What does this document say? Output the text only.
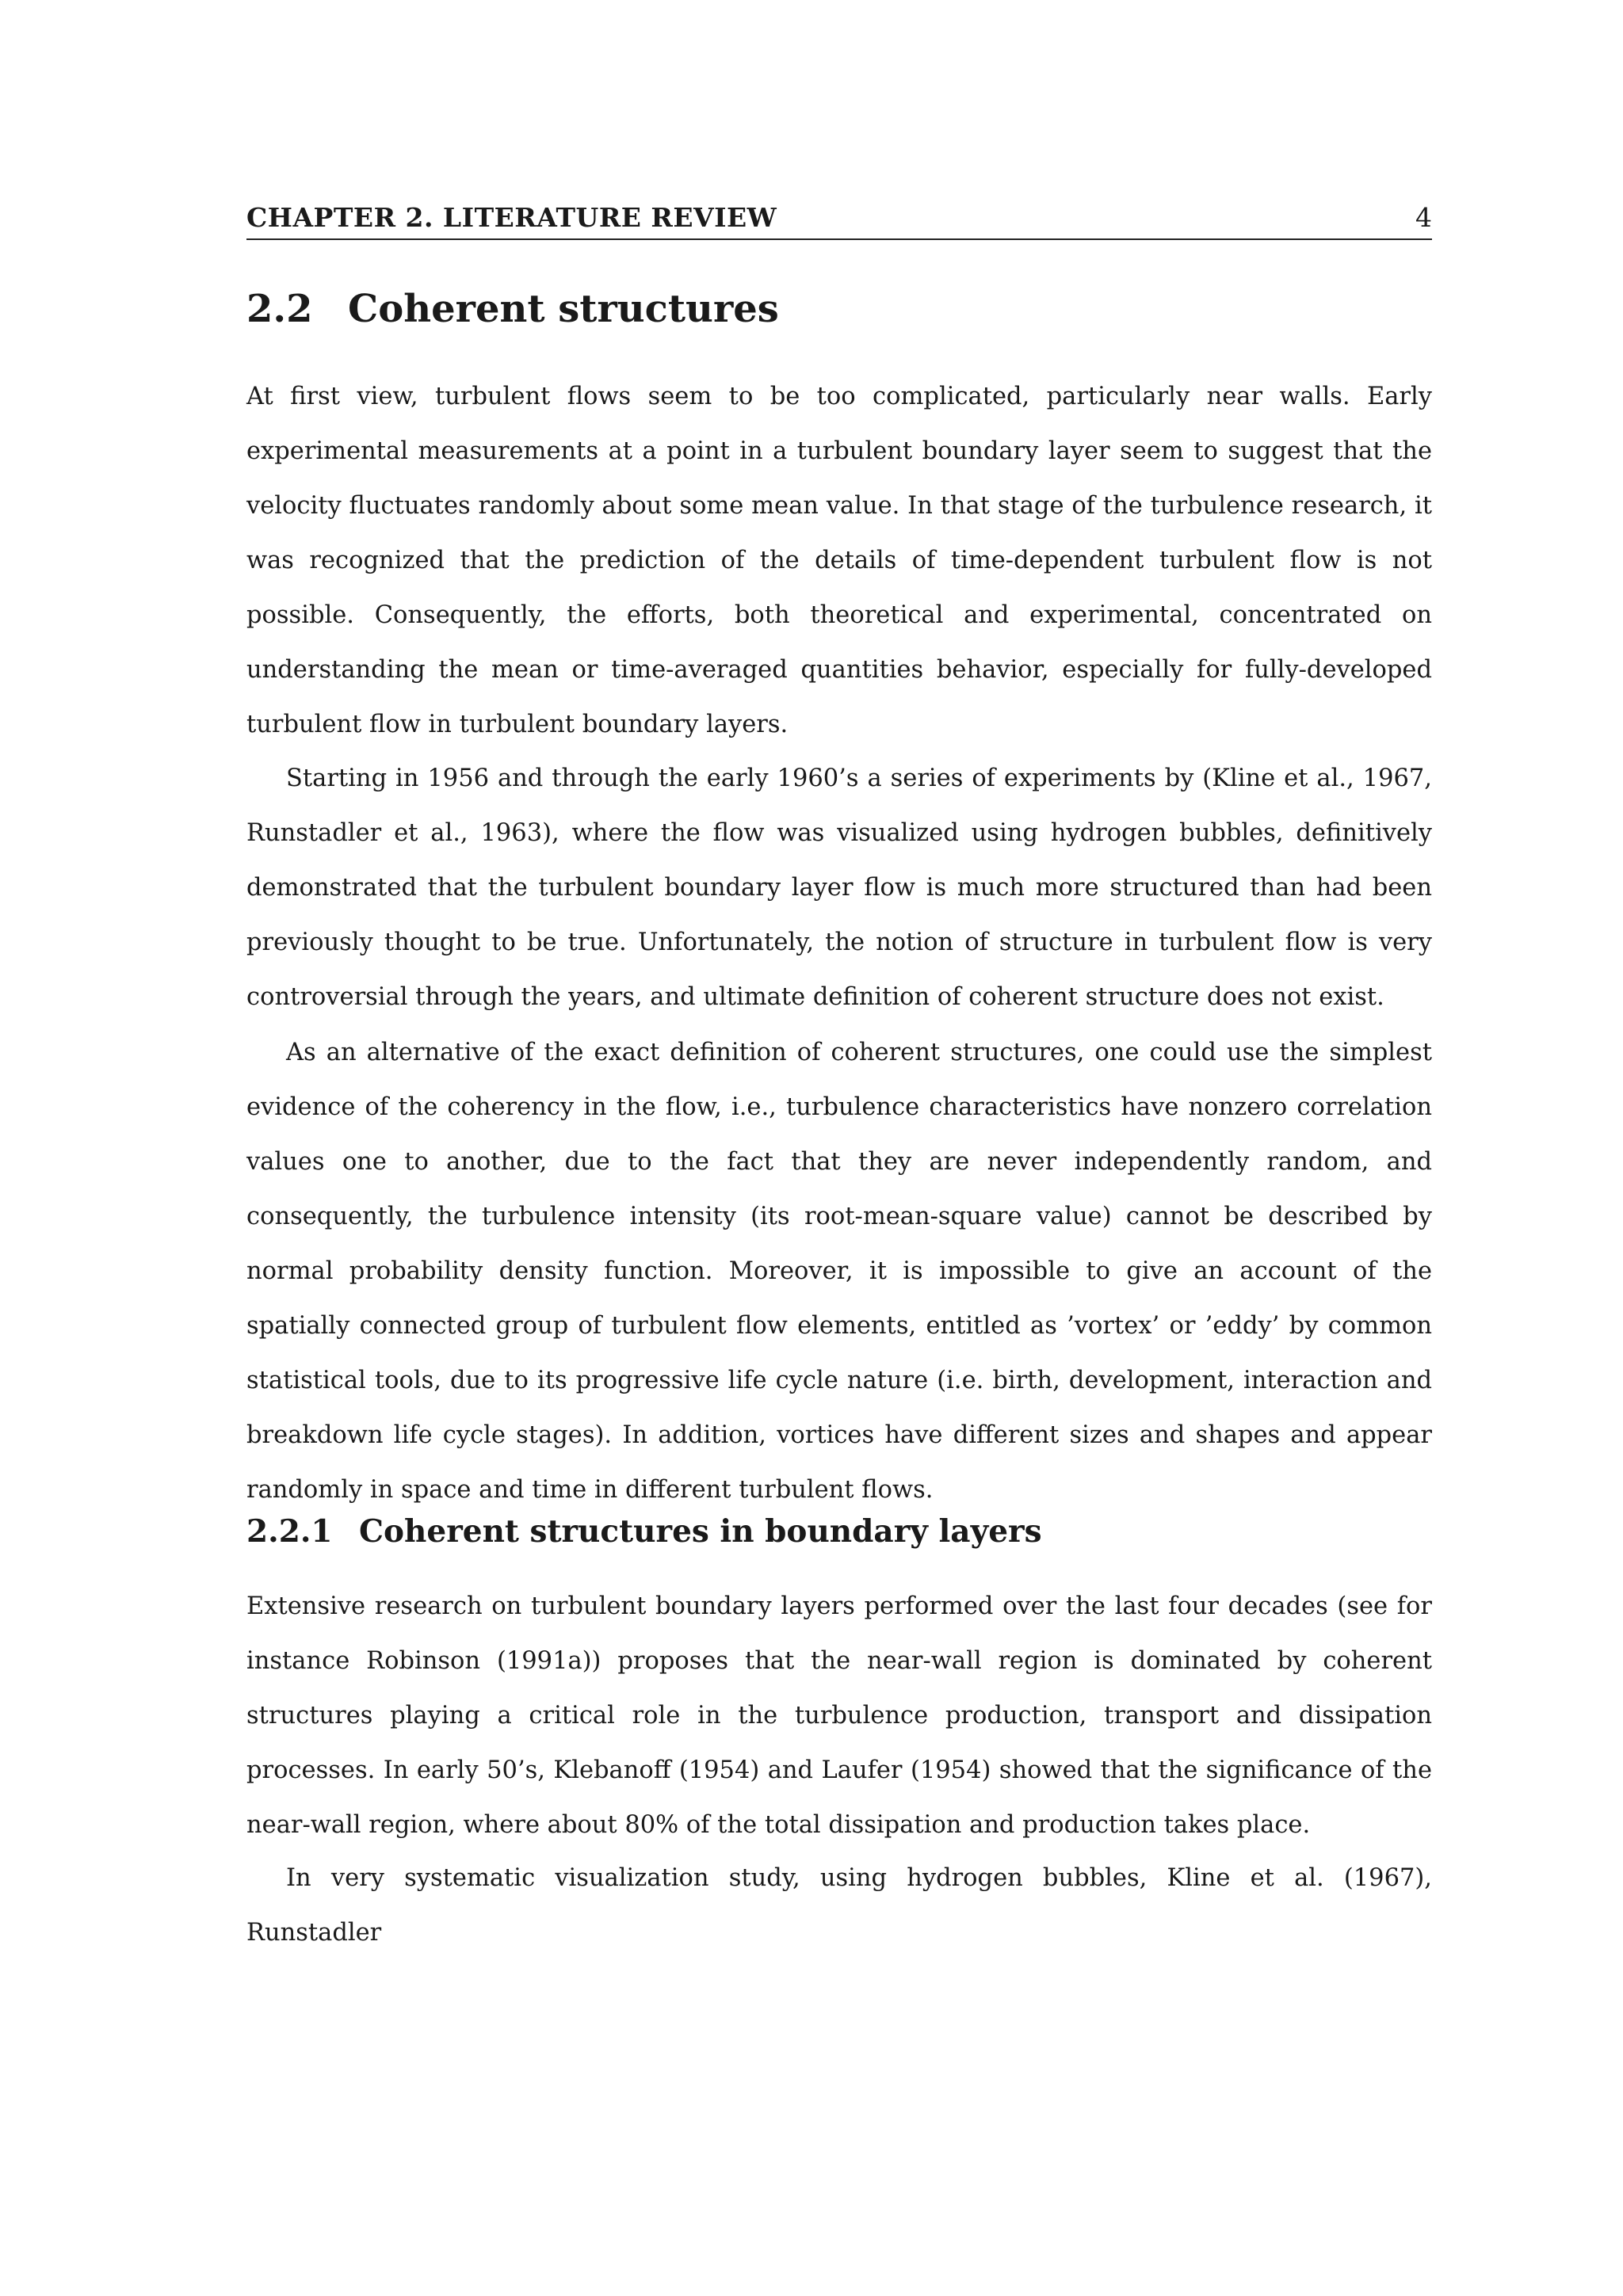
CHAPTER 2. LITERATURE REVIEW	4
2.2 Coherent structures

At first view, turbulent flows seem to be too complicated, particularly near walls. Early experimental measurements at a point in a turbulent boundary layer seem to suggest that the velocity fluctuates randomly about some mean value. In that stage of the turbulence research, it was recognized that the prediction of the details of time-dependent turbulent flow is not possible. Consequently, the efforts, both theoretical and experimental, concentrated on understanding the mean or time-averaged quantities behavior, especially for fully-developed turbulent flow in turbulent boundary layers.

Starting in 1956 and through the early 1960’s a series of experiments by (Kline et al., 1967, Runstadler et al., 1963), where the flow was visualized using hydrogen bubbles, definitively demonstrated that the turbulent boundary layer flow is much more structured than had been previously thought to be true. Unfortunately, the notion of structure in turbulent flow is very controversial through the years, and ultimate definition of coherent structure does not exist.

As an alternative of the exact definition of coherent structures, one could use the simplest evidence of the coherency in the flow, i.e., turbulence characteristics have nonzero correlation values one to another, due to the fact that they are never independently random, and consequently, the turbulence intensity (its root-mean-square value) cannot be described by normal probability density function. Moreover, it is impossible to give an account of the spatially connected group of turbulent flow elements, entitled as ’vortex’ or ’eddy’ by common statistical tools, due to its progressive life cycle nature (i.e. birth, development, interaction and breakdown life cycle stages). In addition, vortices have different sizes and shapes and appear randomly in space and time in different turbulent flows.

2.2.1 Coherent structures in boundary layers

Extensive research on turbulent boundary layers performed over the last four decades (see for instance Robinson (1991a)) proposes that the near-wall region is dominated by coherent structures playing a critical role in the turbulence production, transport and dissipation processes. In early 50’s, Klebanoff (1954) and Laufer (1954) showed that the significance of the near-wall region, where about 80% of the total dissipation and production takes place.

In very systematic visualization study, using hydrogen bubbles, Kline et al. (1967), Runstadler
